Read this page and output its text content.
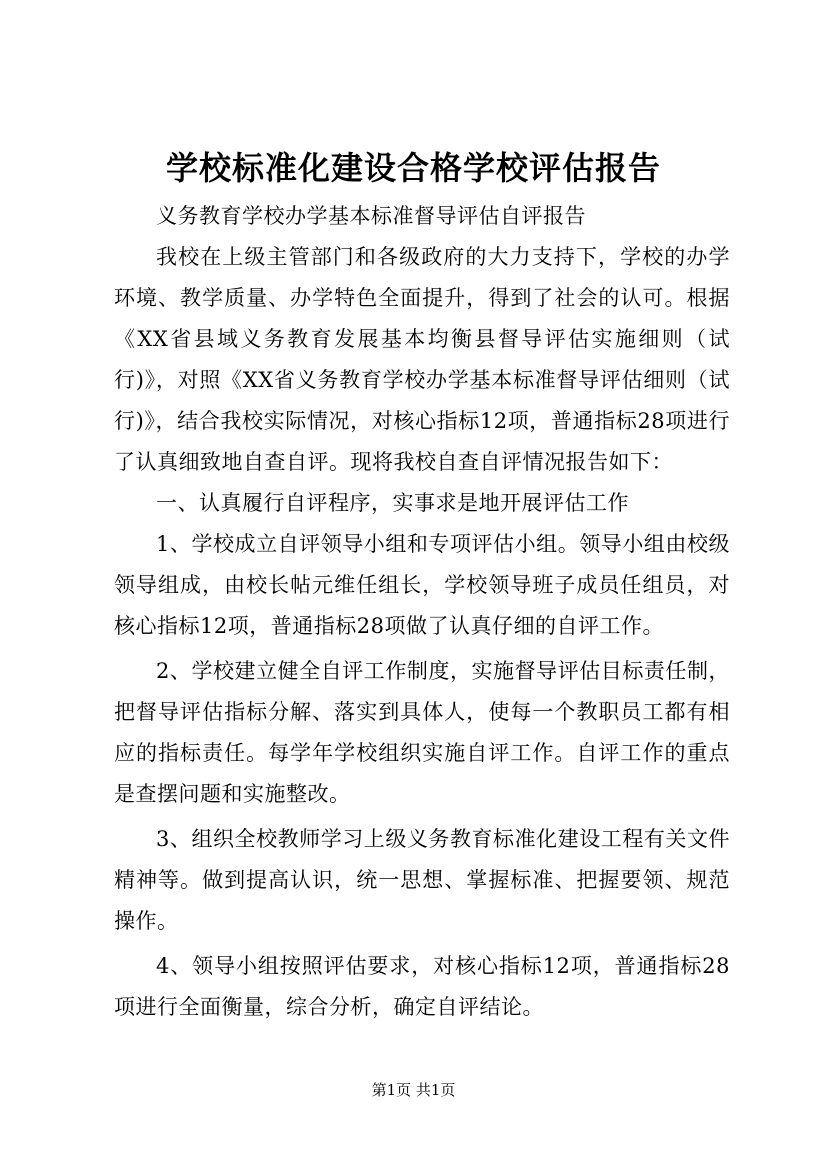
学校标准化建设合格学校评估报告

义务教育学校办学基本标准督导评估自评报告

我校在上级主管部门和各级政府的大力支持下，学校的办学环境、教学质量、办学特色全面提升，得到了社会的认可。根据《XX省县域义务教育发展基本均衡县督导评估实施细则（试行)》，对照《XX省义务教育学校办学基本标准督导评估细则（试行)》，结合我校实际情况，对核心指标12项，普通指标28项进行了认真细致地自查自评。现将我校自查自评情况报告如下：

一、认真履行自评程序，实事求是地开展评估工作

1、学校成立自评领导小组和专项评估小组。领导小组由校级领导组成，由校长帖元维任组长，学校领导班子成员任组员，对核心指标12项，普通指标28项做了认真仔细的自评工作。

2、学校建立健全自评工作制度，实施督导评估目标责任制，把督导评估指标分解、落实到具体人，使每一个教职员工都有相应的指标责任。每学年学校组织实施自评工作。自评工作的重点是查摆问题和实施整改。

3、组织全校教师学习上级义务教育标准化建设工程有关文件精神等。做到提高认识，统一思想、掌握标准、把握要领、规范操作。

4、领导小组按照评估要求，对核心指标12项，普通指标28项进行全面衡量，综合分析，确定自评结论。

第1页 共1页
